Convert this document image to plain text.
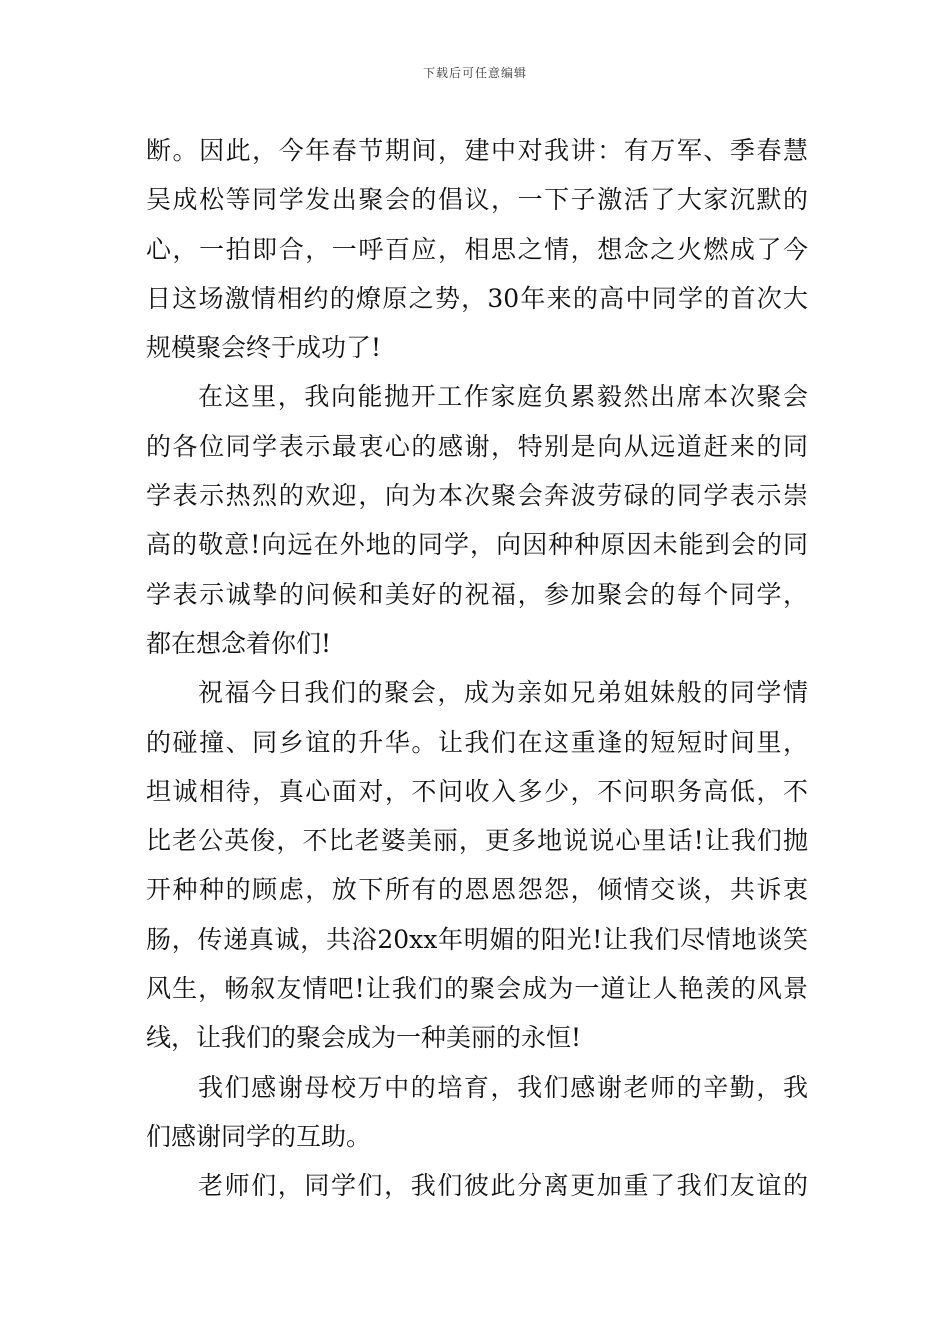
下载后可任意编辑
断。因此，今年春节期间，建中对我讲：有万军、季春慧
吴成松等同学发出聚会的倡议，一下子激活了大家沉默的
心，一拍即合，一呼百应，相思之情，想念之火燃成了今
日这场激情相约的燎原之势，30年来的高中同学的首次大
规模聚会终于成功了!
在这里，我向能抛开工作家庭负累毅然出席本次聚会
的各位同学表示最衷心的感谢，特别是向从远道赶来的同
学表示热烈的欢迎，向为本次聚会奔波劳碌的同学表示崇
高的敬意!向远在外地的同学，向因种种原因未能到会的同
学表示诚挚的问候和美好的祝福，参加聚会的每个同学，
都在想念着你们!
祝福今日我们的聚会，成为亲如兄弟姐妹般的同学情
的碰撞、同乡谊的升华。让我们在这重逢的短短时间里，
坦诚相待，真心面对，不问收入多少，不问职务高低，不
比老公英俊，不比老婆美丽，更多地说说心里话!让我们抛
开种种的顾虑，放下所有的恩恩怨怨，倾情交谈，共诉衷
肠，传递真诚，共浴20xx年明媚的阳光!让我们尽情地谈笑
风生，畅叙友情吧!让我们的聚会成为一道让人艳羡的风景
线，让我们的聚会成为一种美丽的永恒!
我们感谢母校万中的培育，我们感谢老师的辛勤，我
们感谢同学的互助。
老师们，同学们，我们彼此分离更加重了我们友谊的
